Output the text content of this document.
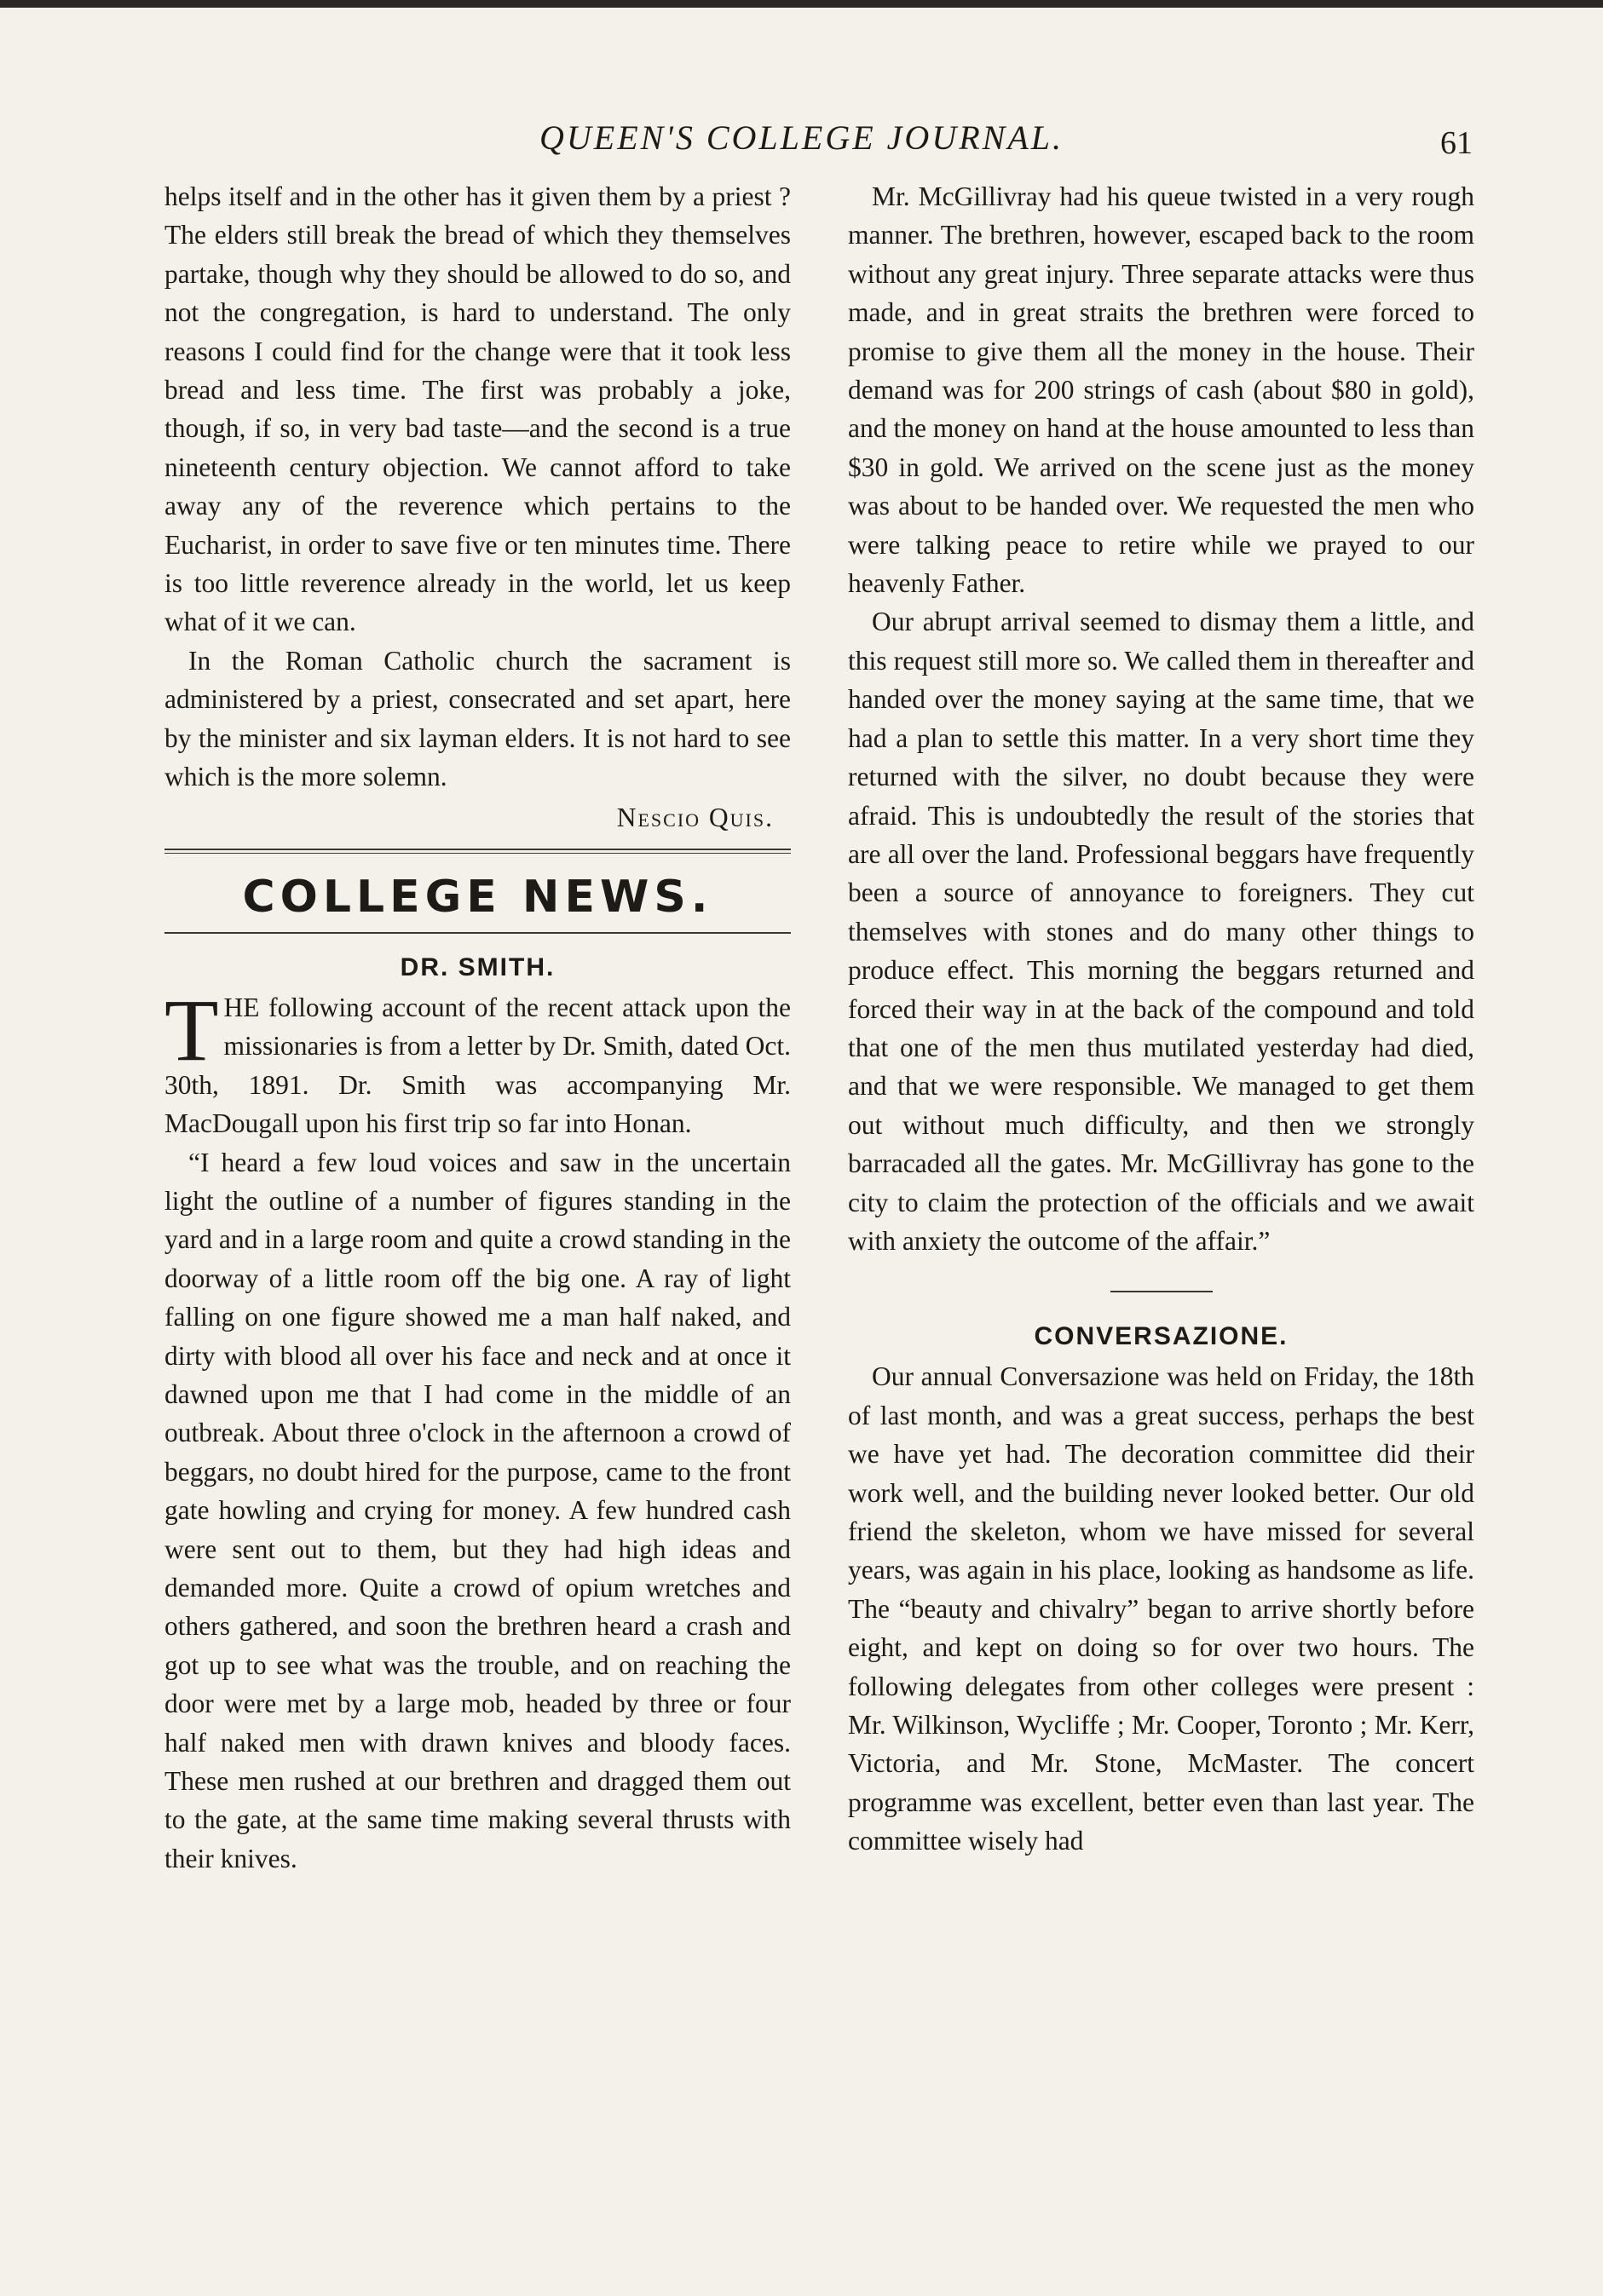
QUEEN'S COLLEGE JOURNAL.	61

helps itself and in the other has it given them by a priest ? The elders still break the bread of which they themselves partake, though why they should be allowed to do so, and not the congregation, is hard to understand. The only reasons I could find for the change were that it took less bread and less time. The first was probably a joke, though, if so, in very bad taste—and the second is a true nineteenth century objection. We cannot afford to take away any of the reverence which pertains to the Eucharist, in order to save five or ten minutes time. There is too little reverence already in the world, let us keep what of it we can.

In the Roman Catholic church the sacrament is administered by a priest, consecrated and set apart, here by the minister and six layman elders. It is not hard to see which is the more solemn.

Nescio Quis.

COLLEGE NEWS.
DR. SMITH.

THE following account of the recent attack upon the missionaries is from a letter by Dr. Smith, dated Oct. 30th, 1891. Dr. Smith was accompanying Mr. MacDougall upon his first trip so far into Honan.

“I heard a few loud voices and saw in the uncertain light the outline of a number of figures standing in the yard and in a large room and quite a crowd standing in the doorway of a little room off the big one. A ray of light falling on one figure showed me a man half naked, and dirty with blood all over his face and neck and at once it dawned upon me that I had come in the middle of an outbreak. About three o'clock in the afternoon a crowd of beggars, no doubt hired for the purpose, came to the front gate howling and crying for money. A few hundred cash were sent out to them, but they had high ideas and demanded more. Quite a crowd of opium wretches and others gathered, and soon the brethren heard a crash and got up to see what was the trouble, and on reaching the door were met by a large mob, headed by three or four half naked men with drawn knives and bloody faces. These men rushed at our brethren and dragged them out to the gate, at the same time making several thrusts with their knives.

Mr. McGillivray had his queue twisted in a very rough manner. The brethren, however, escaped back to the room without any great injury. Three separate attacks were thus made, and in great straits the brethren were forced to promise to give them all the money in the house. Their demand was for 200 strings of cash (about $80 in gold), and the money on hand at the house amounted to less than $30 in gold. We arrived on the scene just as the money was about to be handed over. We requested the men who were talking peace to retire while we prayed to our heavenly Father.

Our abrupt arrival seemed to dismay them a little, and this request still more so. We called them in thereafter and handed over the money saying at the same time, that we had a plan to settle this matter. In a very short time they returned with the silver, no doubt because they were afraid. This is undoubtedly the result of the stories that are all over the land. Professional beggars have frequently been a source of annoyance to foreigners. They cut themselves with stones and do many other things to produce effect. This morning the beggars returned and forced their way in at the back of the compound and told that one of the men thus mutilated yesterday had died, and that we were responsible. We managed to get them out without much difficulty, and then we strongly barracaded all the gates. Mr. McGillivray has gone to the city to claim the protection of the officials and we await with anxiety the outcome of the affair.”

CONVERSAZIONE.

Our annual Conversazione was held on Friday, the 18th of last month, and was a great success, perhaps the best we have yet had. The decoration committee did their work well, and the building never looked better. Our old friend the skeleton, whom we have missed for several years, was again in his place, looking as handsome as life. The “beauty and chivalry” began to arrive shortly before eight, and kept on doing so for over two hours. The following delegates from other colleges were present : Mr. Wilkinson, Wycliffe ; Mr. Cooper, Toronto ; Mr. Kerr, Victoria, and Mr. Stone, McMaster. The concert programme was excellent, better even than last year. The committee wisely had
